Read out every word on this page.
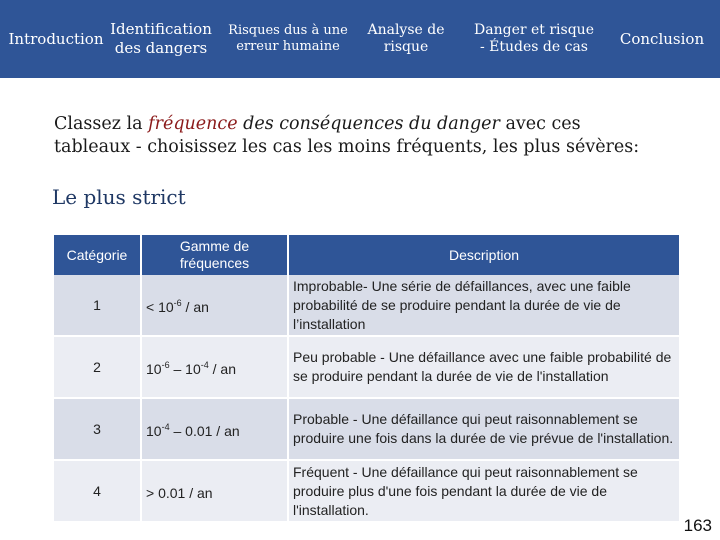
Introduction
Identification
des dangers
Risques dus à une
erreur humaine
Analyse de
risque
Danger et risque
- Études de cas	Conclusion
Classez la fréquence des conséquences du danger avec ces tableaux - choisissez les cas les moins fréquents, les plus sévères:
Le plus strict
Catégorie	Gamme de fréquences	Description
1	< $10^{-6}$ / an	Improbable- Une série de défaillances, avec une faible probabilité de se produire pendant la durée de vie de l’installation
2	$10^{-6} - 10^{-4}$ / an	Peu probable - Une défaillance avec une faible probabilité de se produire pendant la durée de vie de l'installation
3	$10^{-4} - 0.01$ / an	Probable - Une défaillance qui peut raisonnablement se produire une fois dans la durée de vie prévue de l'installation.
4	> 0.01 / an	Fréquent - Une défaillance qui peut raisonnablement se produire plus d'une fois pendant la durée de vie de l'installation.
163
